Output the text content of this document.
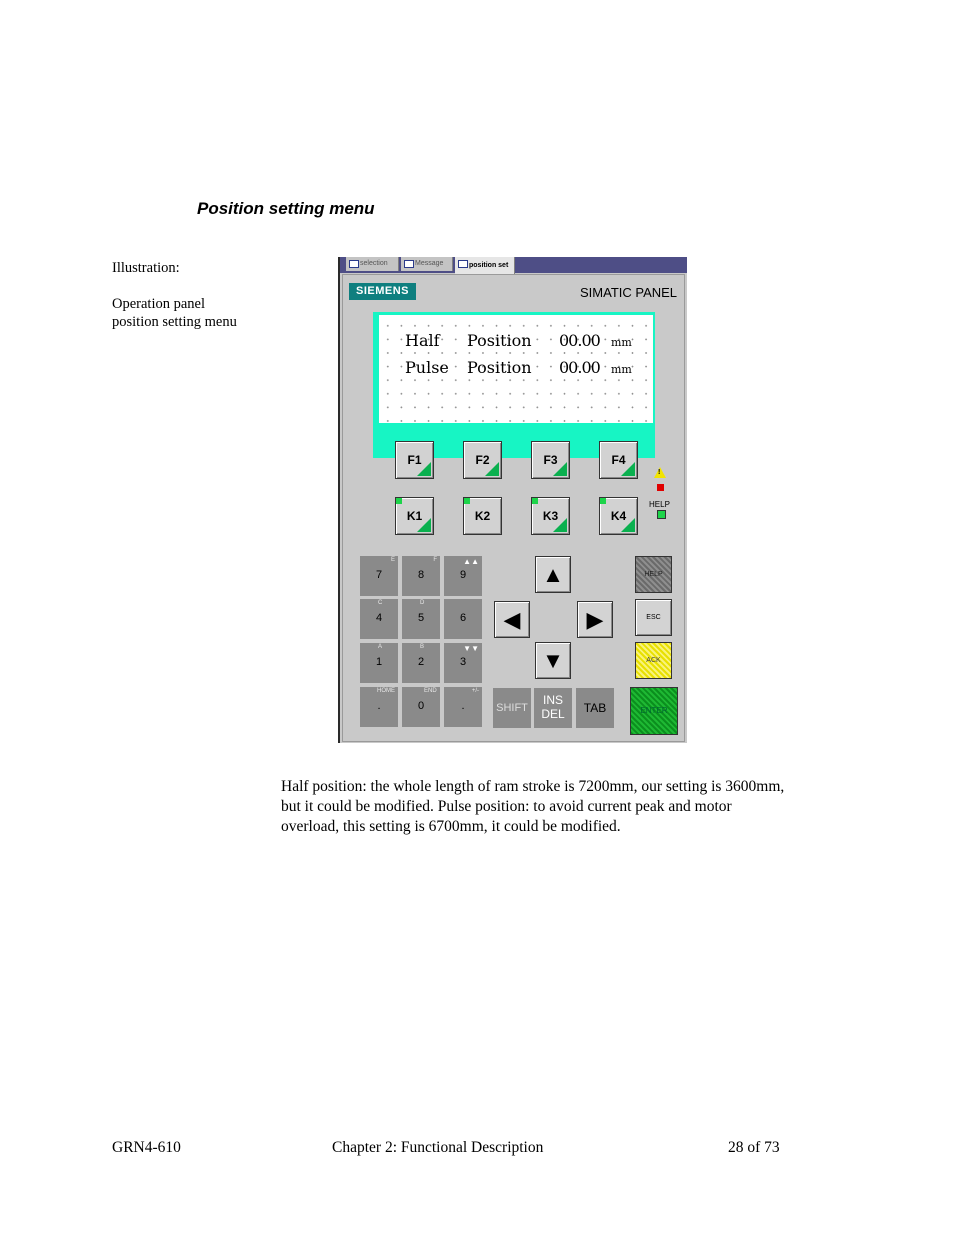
Position setting menu
Illustration:
Operation panel
position setting menu
selection	Message	position set
SIEMENS	SIMATIC PANEL
Half Position 00.00 mm
Pulse Position 00.00 mm
F1	F2	F3	F4
!
K1	K2	K3	K4
HELP
E
7
F
8
▲▲
9
C
4
D
5	6
A
1
B
2
▼▼
3
HOME
.
END
0
+/-
.
▲
◀	▶
▼
SHIFT
INS
DEL	TAB
HELP
ESC
ACK
ENTER
Half position: the whole length of ram stroke is 7200mm, our setting is 3600mm,
but it could be modified. Pulse position: to avoid current peak and motor
overload, this setting is 6700mm, it could be modified.
GRN4-610	Chapter 2: Functional Description	28 of 73
